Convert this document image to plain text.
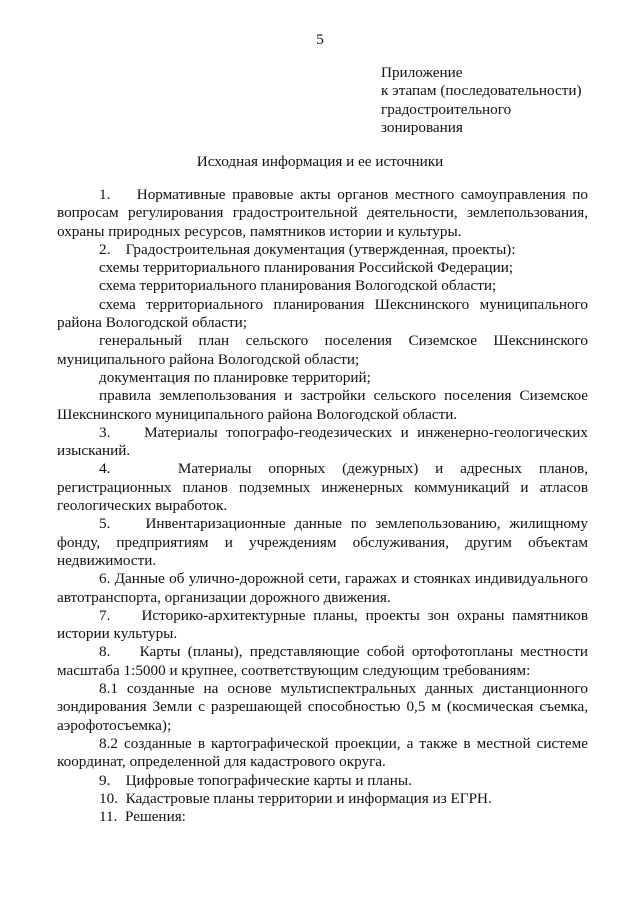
5
Приложение
к этапам (последовательности)
градостроительного
зонирования
Исходная информация и ее источники

1.    Нормативные правовые акты органов местного самоуправления по вопросам регулирования градостроительной деятельности, землепользования, охраны природных ресурсов, памятников истории и культуры.

2.    Градостроительная документация (утвержденная, проекты):

схемы территориального планирования Российской Федерации;

схема территориального планирования Вологодской области;

схема территориального планирования Шекснинского муниципального района Вологодской области;

генеральный план сельского поселения Сиземское Шекснинского муниципального района Вологодской области;

документация по планировке территорий;

правила землепользования и застройки сельского поселения Сиземское Шекснинского муниципального района Вологодской области.

3.    Материалы топографо-геодезических и инженерно-геологических изысканий.

4.    Материалы опорных (дежурных) и адресных планов, регистрационных планов подземных инженерных коммуникаций и атласов геологических выработок.

5.    Инвентаризационные данные по землепользованию, жилищному фонду, предприятиям и учреждениям обслуживания, другим объектам недвижимости.

6. Данные об улично-дорожной сети, гаражах и стоянках индивидуального автотранспорта, организации дорожного движения.

7.    Историко-архитектурные планы, проекты зон охраны памятников истории культуры.

8.    Карты (планы), представляющие собой ортофотопланы местности масштаба 1:5000 и крупнее, соответствующим следующим требованиям:

8.1 созданные на основе мультиспектральных данных дистанционного зондирования Земли с разрешающей способностью 0,5 м (космическая съемка, аэрофотосъемка);

8.2 созданные в картографической проекции, а также в местной системе координат, определенной для кадастрового округа.

9.    Цифровые топографические карты и планы.

10.  Кадастровые планы территории и информация из ЕГРН.

11.  Решения:
